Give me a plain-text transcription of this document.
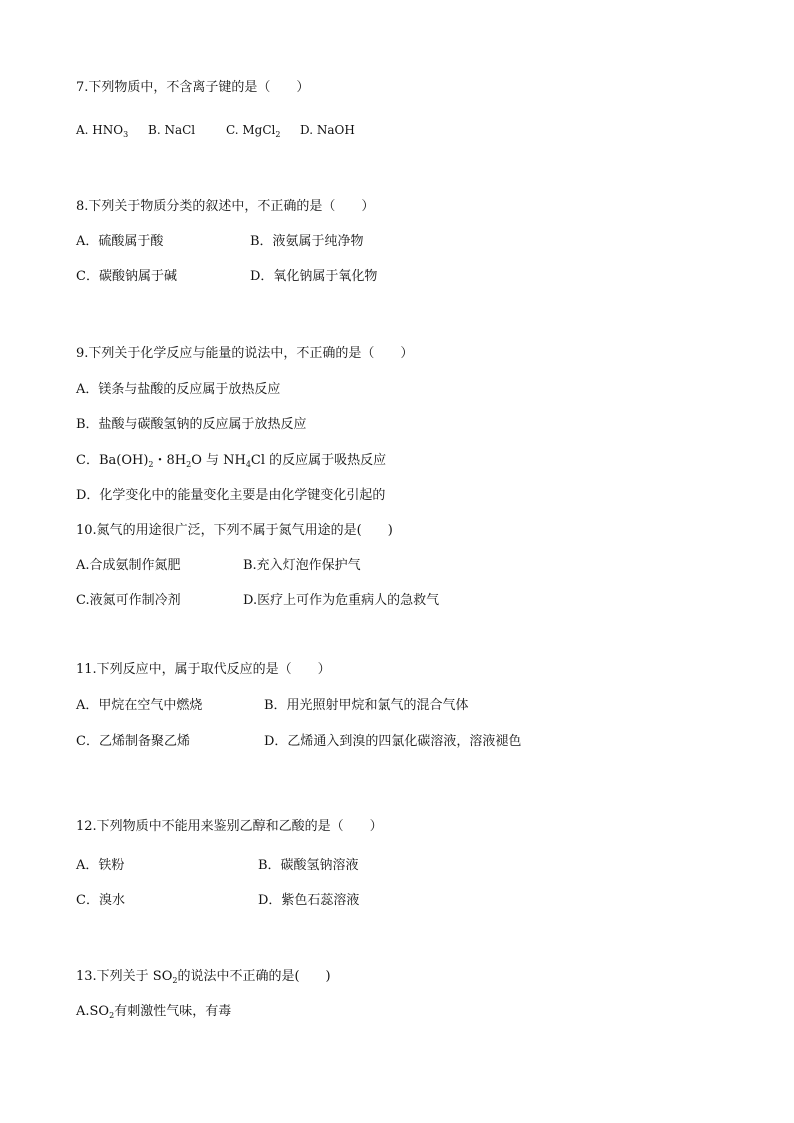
7.下列物质中，不含离子键的是（　　）
A. $HNO_3$ B. NaCl	C. MgCl$_2$ D. NaOH
8.下列关于物质分类的叙述中，不正确的是（　　）
A．硫酸属于酸	B．液氨属于纯净物
C．碳酸钠属于碱	D．氧化钠属于氧化物
9.下列关于化学反应与能量的说法中，不正确的是（　　）
A．镁条与盐酸的反应属于放热反应
B．盐酸与碳酸氢钠的反应属于放热反应
C．$Ba(OH)_2$・$8H_2O$ 与 $NH_4Cl$ 的反应属于吸热反应
D．化学变化中的能量变化主要是由化学键变化引起的
10.氮气的用途很广泛，下列不属于氮气用途的是(　　)
A.合成氨制作氮肥	B.充入灯泡作保护气
C.液氮可作制冷剂	D.医疗上可作为危重病人的急救气
11.下列反应中，属于取代反应的是（　　）
A．甲烷在空气中燃烧	B．用光照射甲烷和氯气的混合气体
C．乙烯制备聚乙烯	D．乙烯通入到溴的四氯化碳溶液，溶液褪色
12.下列物质中不能用来鉴别乙醇和乙酸的是（　　）
A．铁粉	B．碳酸氢钠溶液
C．溴水	D．紫色石蕊溶液
13.下列关于 $SO_2$的说法中不正确的是(　　)
$A.SO_2$有刺激性气味，有毒
